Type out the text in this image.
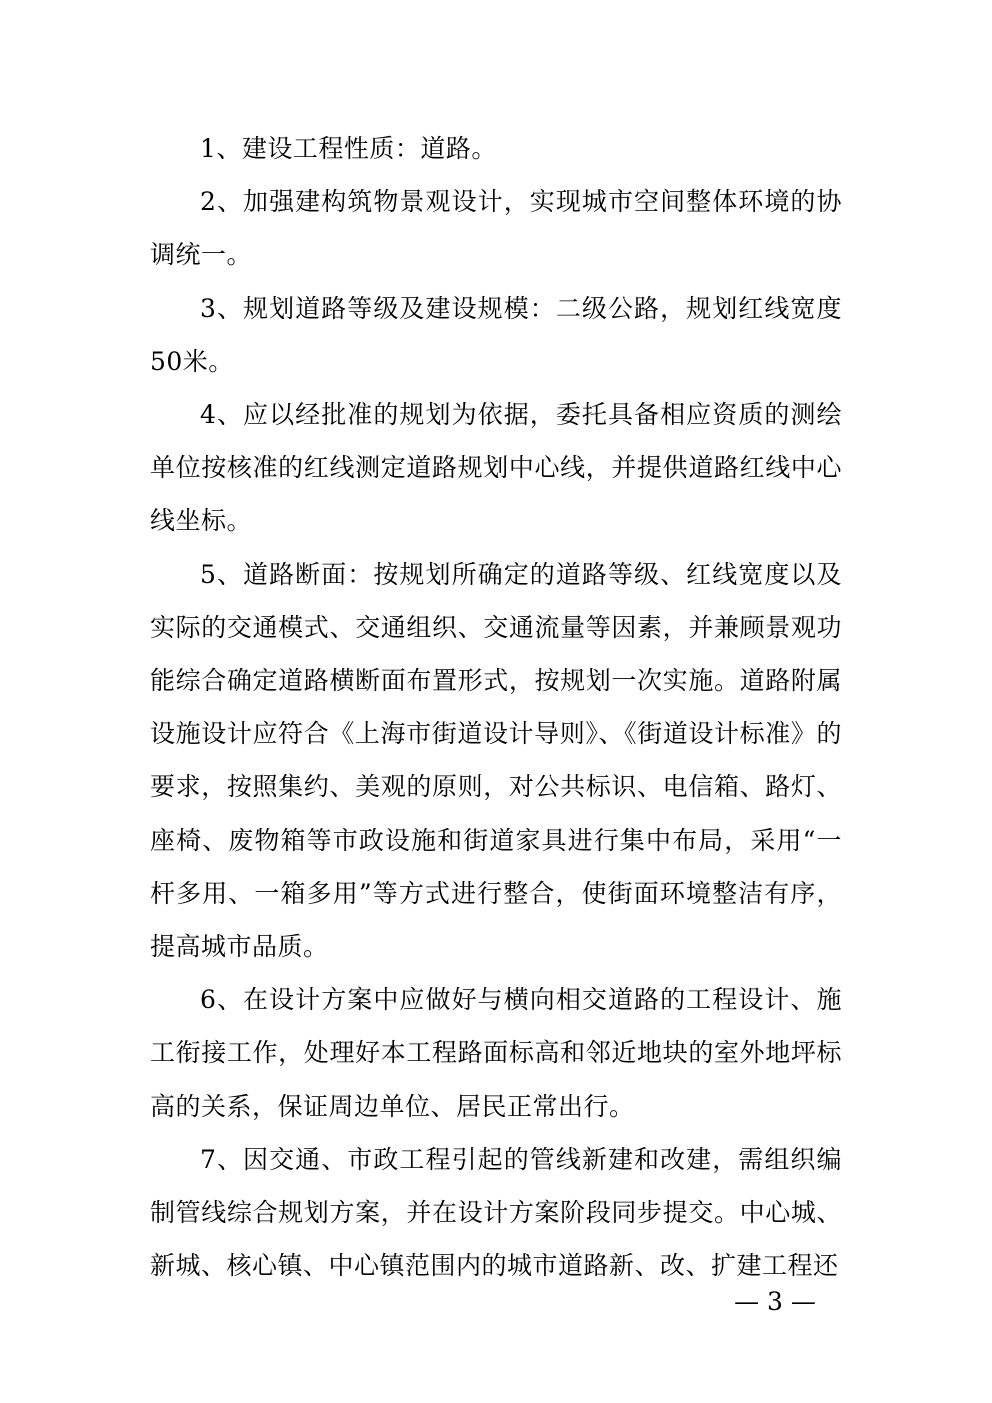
1、建设工程性质：道路。

2、加强建构筑物景观设计，实现城市空间整体环境的协调统一。

3、规划道路等级及建设规模：二级公路，规划红线宽度 50米。

4、应以经批准的规划为依据，委托具备相应资质的测绘单位按核准的红线测定道路规划中心线，并提供道路红线中心线坐标。

5、道路断面：按规划所确定的道路等级、红线宽度以及实际的交通模式、交通组织、交通流量等因素，并兼顾景观功能综合确定道路横断面布置形式，按规划一次实施。道路附属设施设计应符合《上海市街道设计导则》、《街道设计标准》的要求，按照集约、美观的原则，对公共标识、电信箱、路灯、座椅、废物箱等市政设施和街道家具进行集中布局，采用“一杆多用、一箱多用”等方式进行整合，使街面环境整洁有序，提高城市品质。

6、在设计方案中应做好与横向相交道路的工程设计、施工衔接工作，处理好本工程路面标高和邻近地块的室外地坪标高的关系，保证周边单位、居民正常出行。

7、因交通、市政工程引起的管线新建和改建，需组织编制管线综合规划方案，并在设计方案阶段同步提交。中心城、新城、核心镇、中心镇范围内的城市道路新、改、扩建工程还

— 3 —
